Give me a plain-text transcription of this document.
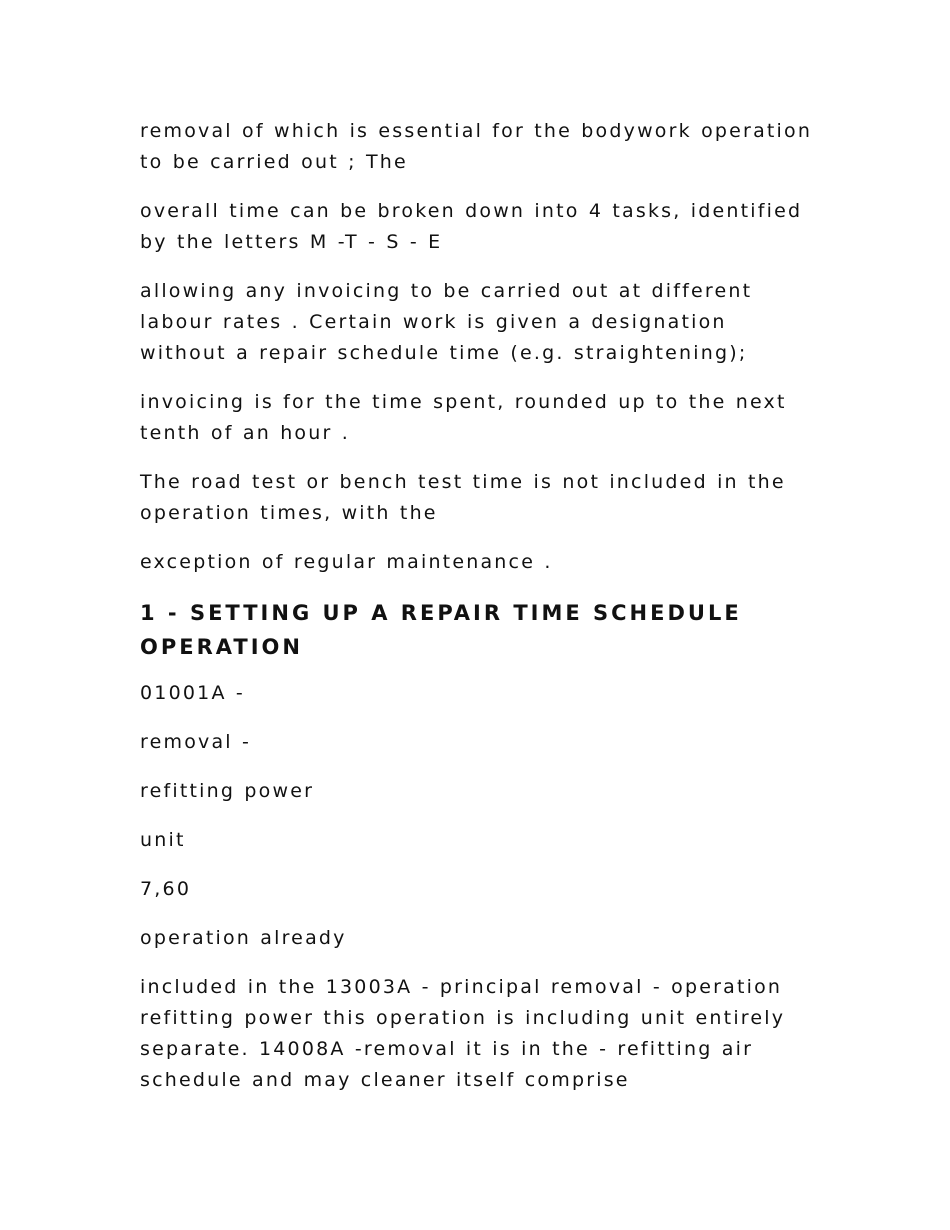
removal of which is essential for the bodywork operation to be carried out ; The

overall time can be broken down into 4 tasks, identified by the letters M -T - S - E

allowing any invoicing to be carried out at different labour rates . Certain work is given a designation without a repair schedule time (e.g. straightening);

invoicing is for the time spent, rounded up to the next tenth of an hour .

The road test or bench test time is not included in the operation times, with the

exception of regular maintenance .

1 - SETTING UP A REPAIR TIME SCHEDULE OPERATION

01001A -

removal -

refitting power

unit

7,60

operation already

included in the 13003A - principal removal - operation refitting power this operation is including unit entirely separate. 14008A -removal it is in the - refitting air schedule and may cleaner itself comprise
